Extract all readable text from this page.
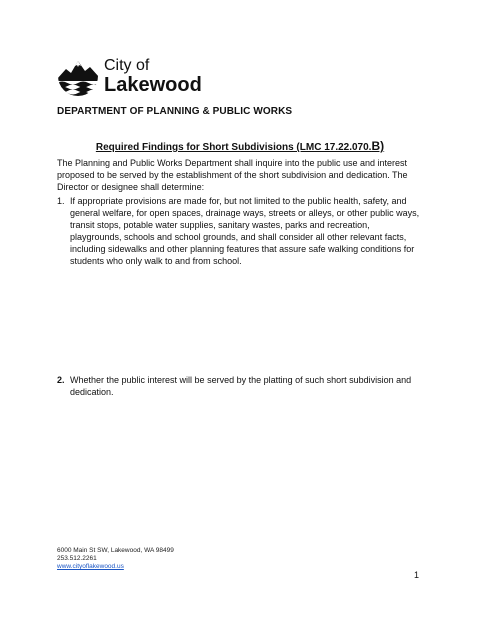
City of
Lakewood
DEPARTMENT OF PLANNING & PUBLIC WORKS
Required Findings for Short Subdivisions (LMC 17.22.070.B)
The Planning and Public Works Department shall inquire into the public use and interest proposed to be served by the establishment of the short subdivision and dedication. The Director or designee shall determine:
1. If appropriate provisions are made for, but not limited to the public health, safety, and general welfare, for open spaces, drainage ways, streets or alleys, or other public ways, transit stops, potable water supplies, sanitary wastes, parks and recreation, playgrounds, schools and school grounds, and shall consider all other relevant facts, including sidewalks and other planning features that assure safe walking conditions for students who only walk to and from school.
2. Whether the public interest will be served by the platting of such short subdivision and dedication.
6000 Main St SW, Lakewood, WA 98499
253.512.2261
www.cityoflakewood.us
1
